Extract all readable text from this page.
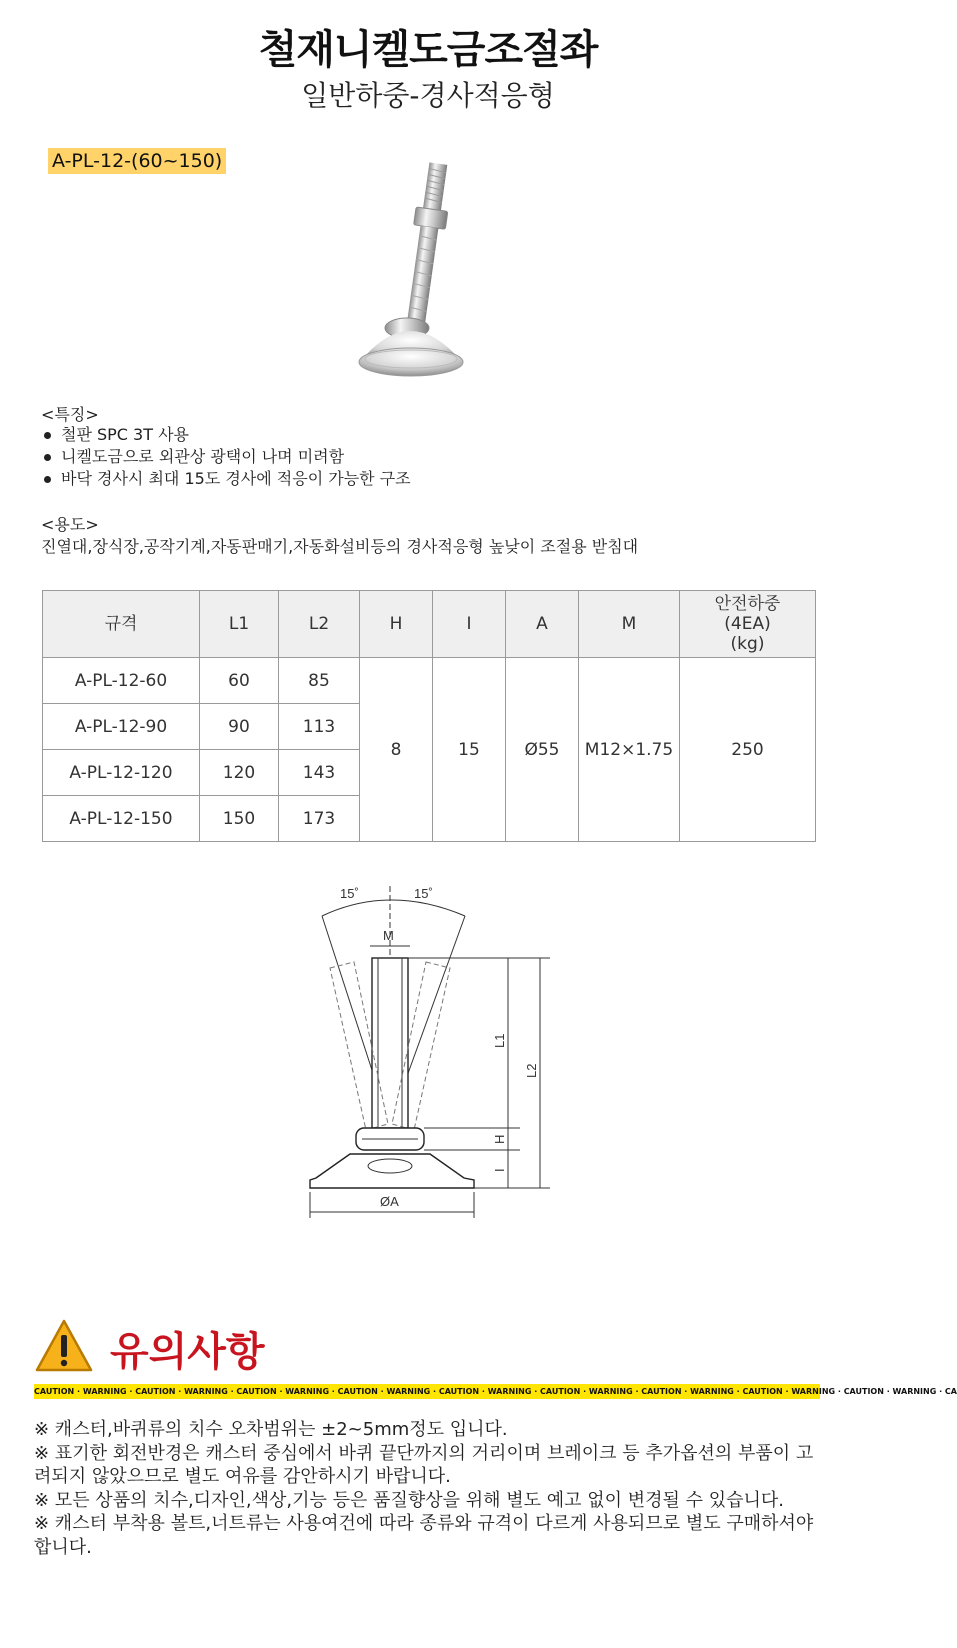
철재니켈도금조절좌
일반하중-경사적응형
A-PL-12-(60~150)
<특징>
철판 SPC 3T 사용
니켈도금으로 외관상 광택이 나며 미려함
바닥 경사시 최대 15도 경사에 적응이 가능한 구조
<용도>
진열대,장식장,공작기계,자동판매기,자동화설비등의 경사적응형 높낮이 조절용 받침대
규격	L1	L2	H	I	A	M	안전하중
(4EA)
(kg)
A-PL-12-60	60	85	8	15	Ø55	M12×1.75	250
A-PL-12-90	90	113					
A-PL-12-120	120	143					
A-PL-12-150	150	173					
15˚	15˚
M
L1
L2
H
I
ØA
유의사항
CAUTION · WARNING · CAUTION · WARNING · CAUTION · WARNING · CAUTION · WARNING · CAUTION · WARNING · CAUTION · WARNING · CAUTION · WARNING · CAUTION · WARNING · CAUTION · WARNING · CA

※ 캐스터,바퀴류의 치수 오차범위는 ±2~5mm정도 입니다.

※ 표기한 회전반경은 캐스터 중심에서 바퀴 끝단까지의 거리이며 브레이크 등 추가옵션의 부품이 고려되지 않았으므로 별도 여유를 감안하시기 바랍니다.

※ 모든 상품의 치수,디자인,색상,기능 등은 품질향상을 위해 별도 예고 없이 변경될 수 있습니다.

※ 캐스터 부착용 볼트,너트류는 사용여건에 따라 종류와 규격이 다르게 사용되므로 별도 구매하셔야 합니다.
